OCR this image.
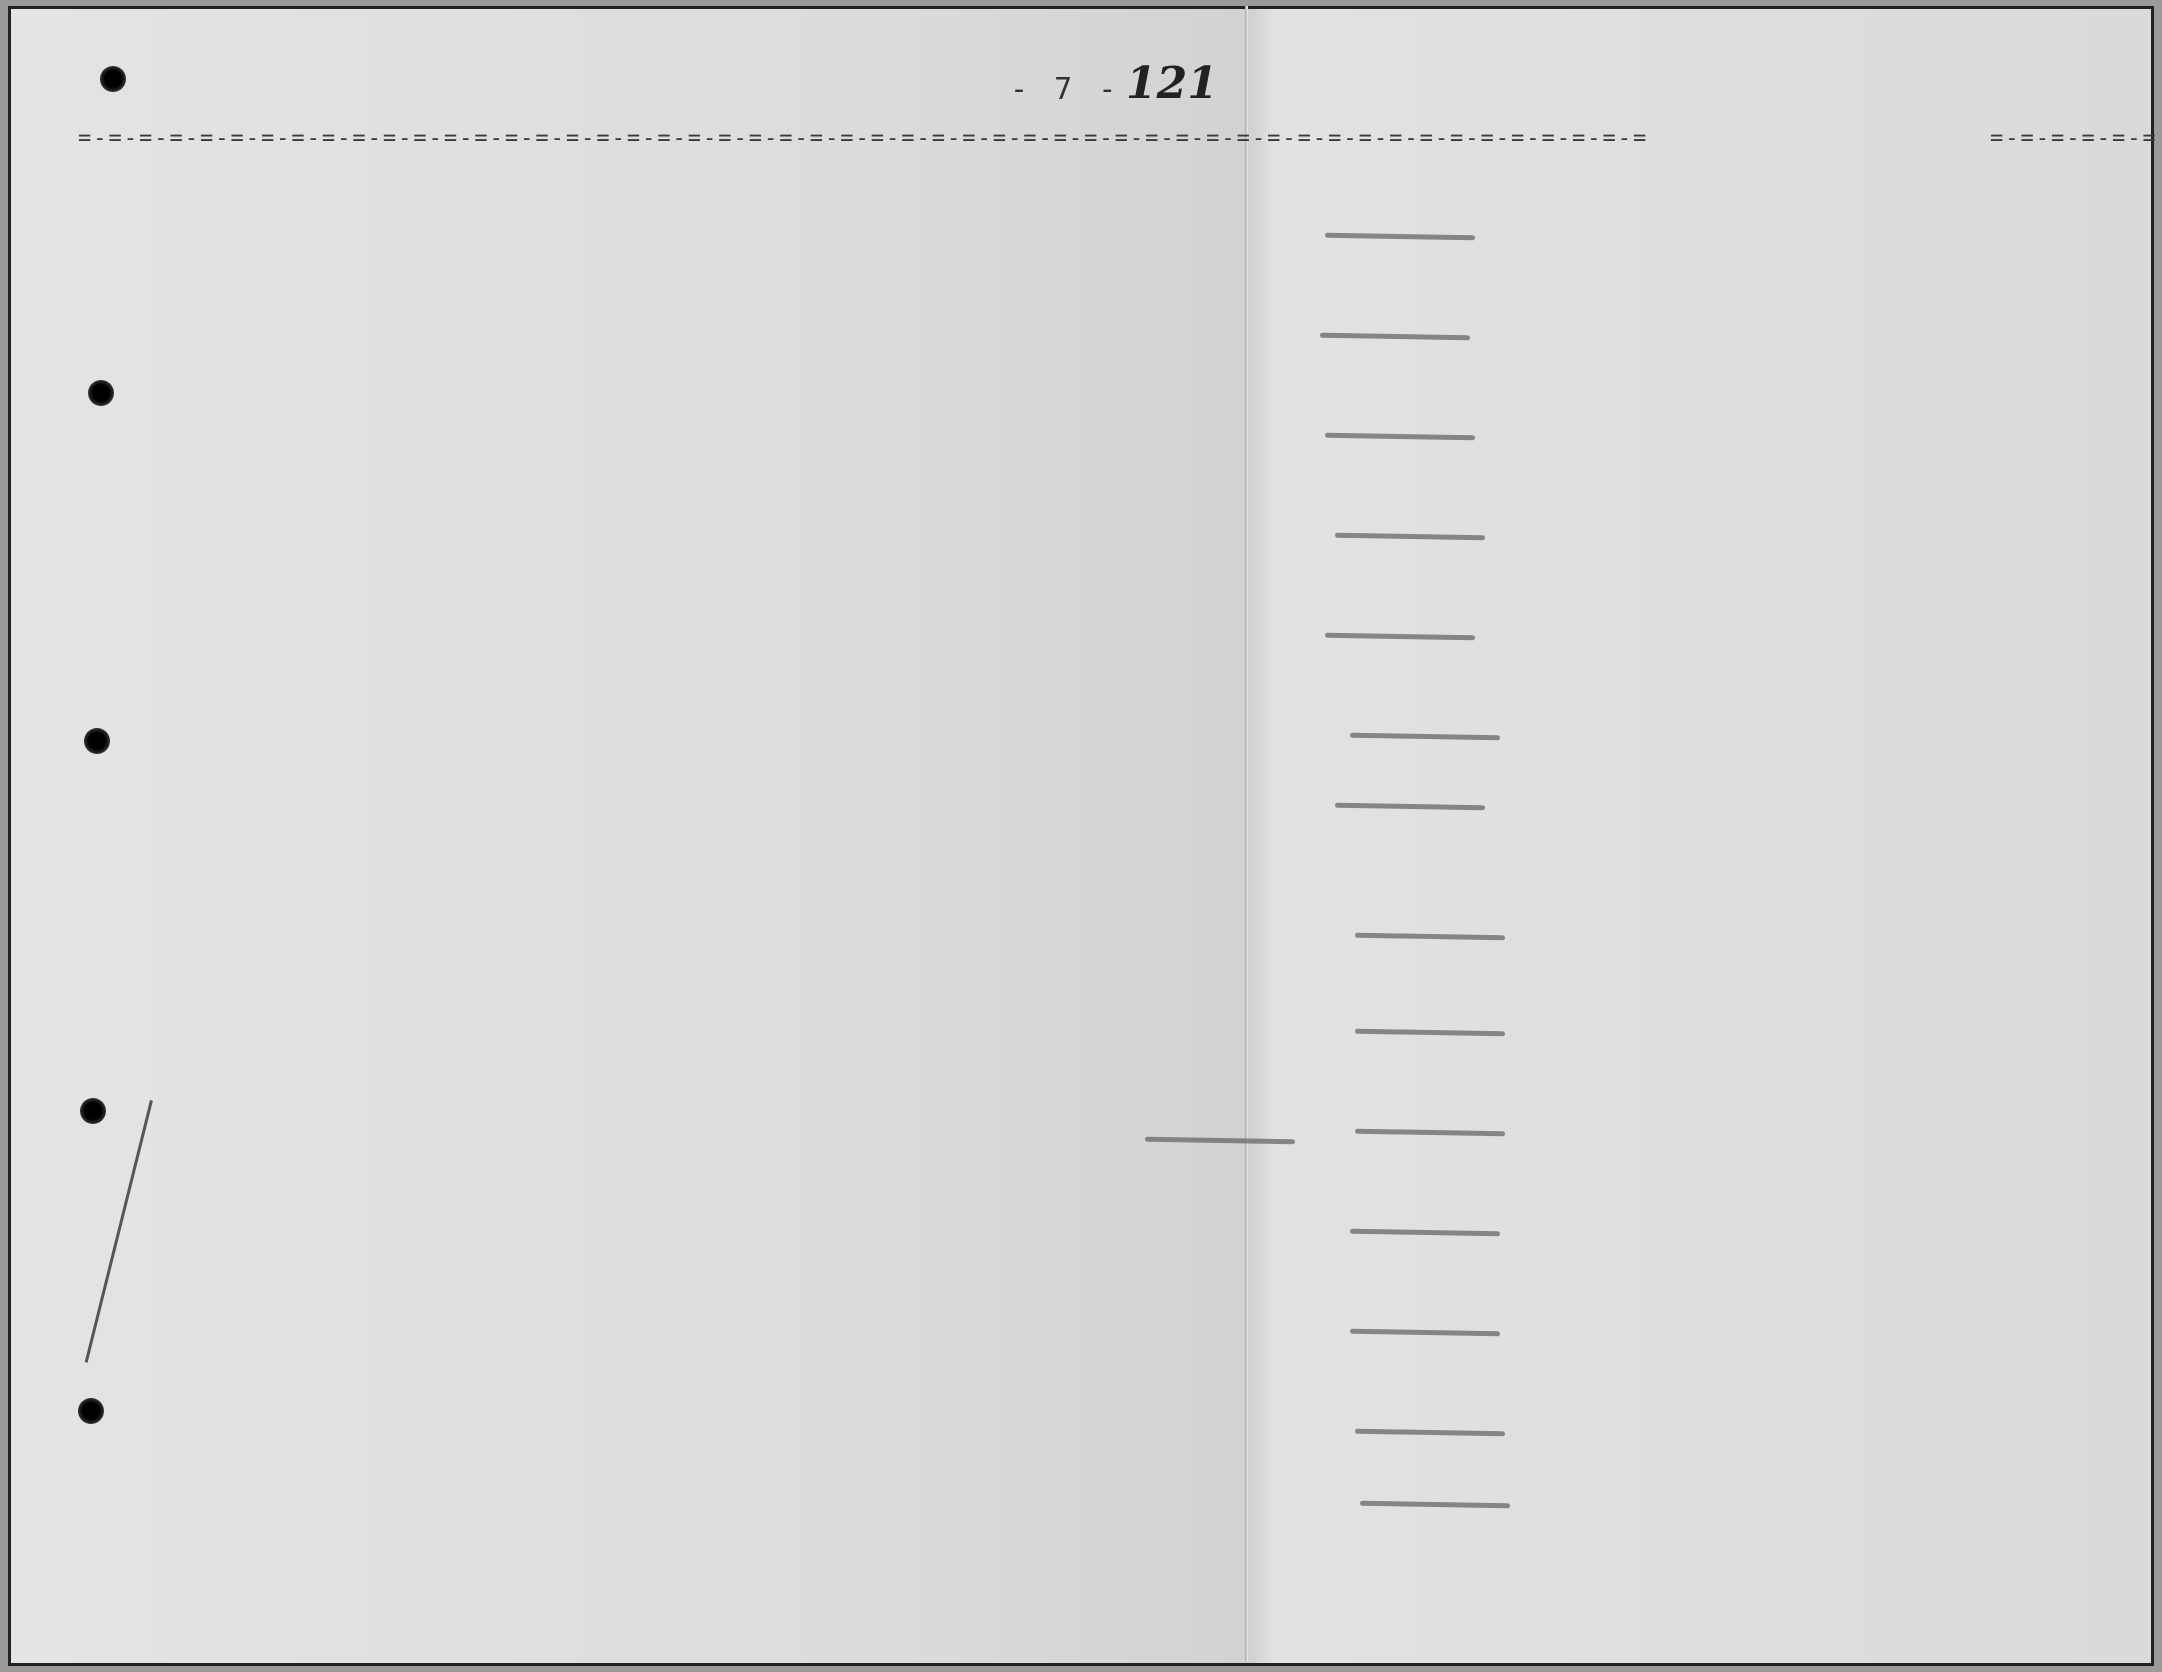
- 7 - 121
=-=-=-=-=-=-=-=-=-=-=-=-=-=-=-=-=-=-=-=-=-=-=-=-=-=-=-=-=-=-=-=-=-=-=-=-=-=-=-=-=-=-=-=-=-=-=-=-=-=-=-=	=-=-=-=-=-=
